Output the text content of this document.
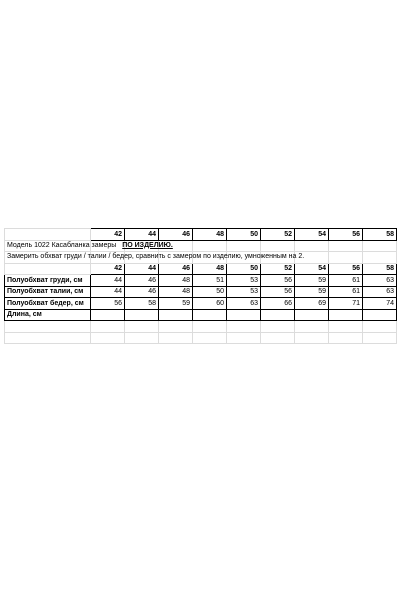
	42	44	46	48	50	52	54	56	58

Модель 1022 Касабланка замеры ПО ИЗДЕЛИЮ.									

Замерить обхват груди / талии / бедер, сравнить с замером по изделию, умноженным на 2.									

	42	44	46	48	50	52	54	56	58
Полуобхват груди, см	44	46	48	51	53	56	59	61	63
Полуобхват талии, см	44	46	48	50	53	56	59	61	63
Полуобхват бедер, см	56	58	59	60	63	66	69	71	74
Длина, см									
